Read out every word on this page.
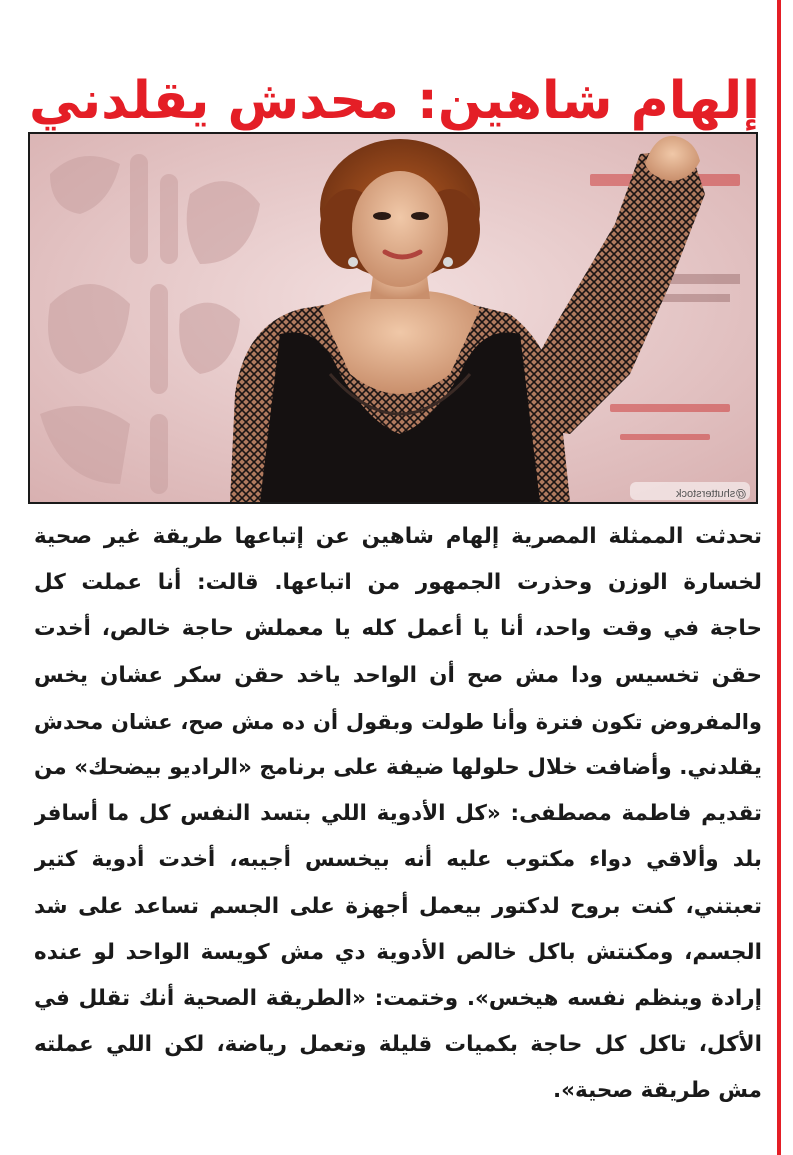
إلهام شاهين: محدش يقلدني
@shutterstock

تحدثت الممثلة المصرية إلهام شاهين عن إتباعها طريقة غير صحية
لخسارة الوزن وحذرت الجمهور من اتباعها. قالت: أنا عملت كل
حاجة في وقت واحد، أنا يا أعمل كله يا معملش حاجة خالص، أخدت
حقن تخسيس ودا مش صح أن الواحد ياخد حقن سكر عشان يخس
والمفروض تكون فترة وأنا طولت وبقول أن ده مش صح، عشان محدش
يقلدني. وأضافت خلال حلولها ضيفة على برنامج «الراديو بيضحك» من
تقديم فاطمة مصطفى: «كل الأدوية اللي بتسد النفس كل ما أسافر
بلد وألاقي دواء مكتوب عليه أنه بيخسس أجيبه، أخدت أدوية كتير
تعبتني، كنت بروح لدكتور بيعمل أجهزة على الجسم تساعد على شد
الجسم، ومكنتش باكل خالص الأدوية دي مش كويسة الواحد لو عنده
إرادة وينظم نفسه هيخس». وختمت: «الطريقة الصحية أنك تقلل في
الأكل، تاكل كل حاجة بكميات قليلة وتعمل رياضة، لكن اللي عملته
مش طريقة صحية».
